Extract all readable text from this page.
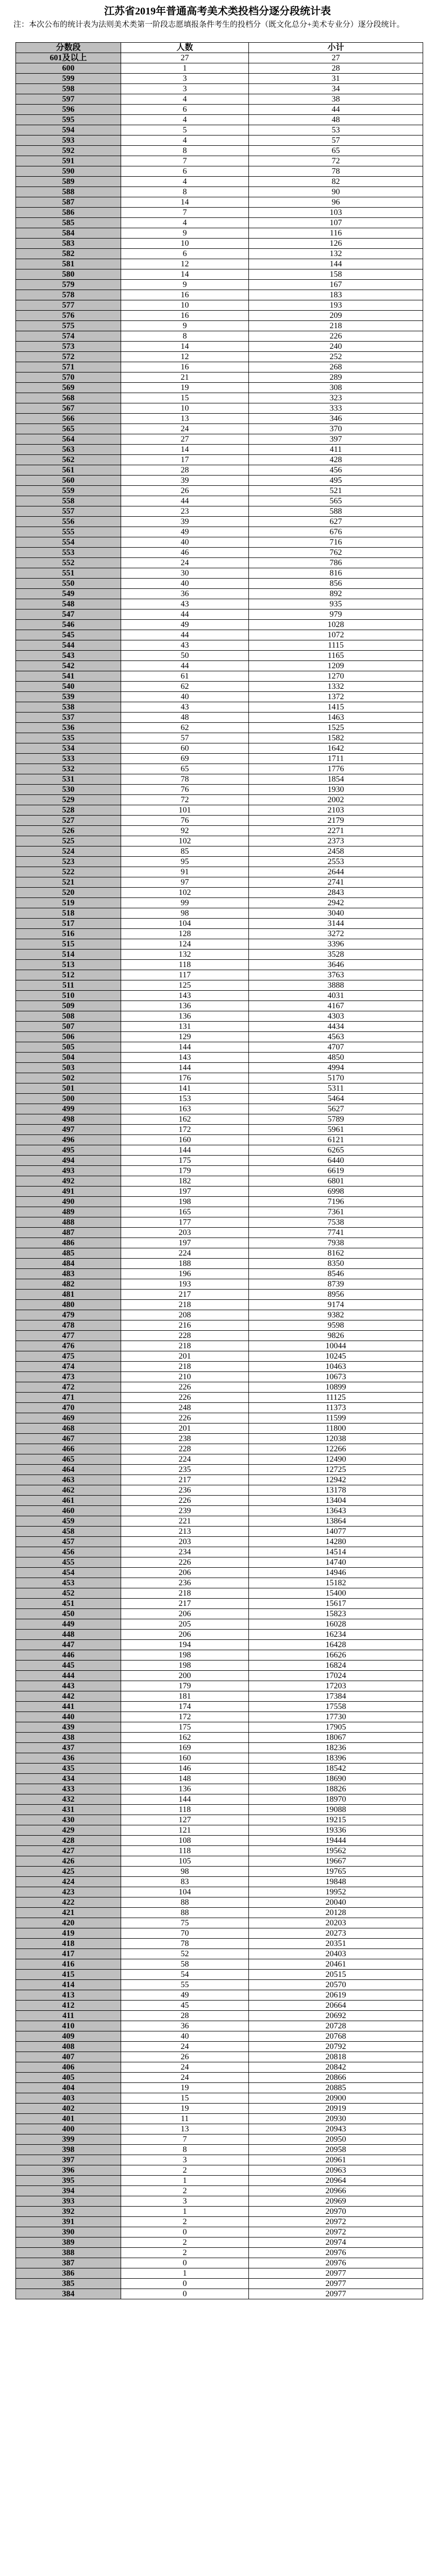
江苏省2019年普通高考美术类投档分逐分段统计表
注：本次公布的统计表为法则美术类第一阶段志愿填报条件考生的投档分（既文化总分+美术专业分）逐分段统计。
分数段	人数	小计
601及以上	27	27
600	1	28
599	3	31
598	3	34
597	4	38
596	6	44
595	4	48
594	5	53
593	4	57
592	8	65
591	7	72
590	6	78
589	4	82
588	8	90
587	14	96
586	7	103
585	4	107
584	9	116
583	10	126
582	6	132
581	12	144
580	14	158
579	9	167
578	16	183
577	10	193
576	16	209
575	9	218
574	8	226
573	14	240
572	12	252
571	16	268
570	21	289
569	19	308
568	15	323
567	10	333
566	13	346
565	24	370
564	27	397
563	14	411
562	17	428
561	28	456
560	39	495
559	26	521
558	44	565
557	23	588
556	39	627
555	49	676
554	40	716
553	46	762
552	24	786
551	30	816
550	40	856
549	36	892
548	43	935
547	44	979
546	49	1028
545	44	1072
544	43	1115
543	50	1165
542	44	1209
541	61	1270
540	62	1332
539	40	1372
538	43	1415
537	48	1463
536	62	1525
535	57	1582
534	60	1642
533	69	1711
532	65	1776
531	78	1854
530	76	1930
529	72	2002
528	101	2103
527	76	2179
526	92	2271
525	102	2373
524	85	2458
523	95	2553
522	91	2644
521	97	2741
520	102	2843
519	99	2942
518	98	3040
517	104	3144
516	128	3272
515	124	3396
514	132	3528
513	118	3646
512	117	3763
511	125	3888
510	143	4031
509	136	4167
508	136	4303
507	131	4434
506	129	4563
505	144	4707
504	143	4850
503	144	4994
502	176	5170
501	141	5311
500	153	5464
499	163	5627
498	162	5789
497	172	5961
496	160	6121
495	144	6265
494	175	6440
493	179	6619
492	182	6801
491	197	6998
490	198	7196
489	165	7361
488	177	7538
487	203	7741
486	197	7938
485	224	8162
484	188	8350
483	196	8546
482	193	8739
481	217	8956
480	218	9174
479	208	9382
478	216	9598
477	228	9826
476	218	10044
475	201	10245
474	218	10463
473	210	10673
472	226	10899
471	226	11125
470	248	11373
469	226	11599
468	201	11800
467	238	12038
466	228	12266
465	224	12490
464	235	12725
463	217	12942
462	236	13178
461	226	13404
460	239	13643
459	221	13864
458	213	14077
457	203	14280
456	234	14514
455	226	14740
454	206	14946
453	236	15182
452	218	15400
451	217	15617
450	206	15823
449	205	16028
448	206	16234
447	194	16428
446	198	16626
445	198	16824
444	200	17024
443	179	17203
442	181	17384
441	174	17558
440	172	17730
439	175	17905
438	162	18067
437	169	18236
436	160	18396
435	146	18542
434	148	18690
433	136	18826
432	144	18970
431	118	19088
430	127	19215
429	121	19336
428	108	19444
427	118	19562
426	105	19667
425	98	19765
424	83	19848
423	104	19952
422	88	20040
421	88	20128
420	75	20203
419	70	20273
418	78	20351
417	52	20403
416	58	20461
415	54	20515
414	55	20570
413	49	20619
412	45	20664
411	28	20692
410	36	20728
409	40	20768
408	24	20792
407	26	20818
406	24	20842
405	24	20866
404	19	20885
403	15	20900
402	19	20919
401	11	20930
400	13	20943
399	7	20950
398	8	20958
397	3	20961
396	2	20963
395	1	20964
394	2	20966
393	3	20969
392	1	20970
391	2	20972
390	0	20972
389	2	20974
388	2	20976
387	0	20976
386	1	20977
385	0	20977
384	0	20977
